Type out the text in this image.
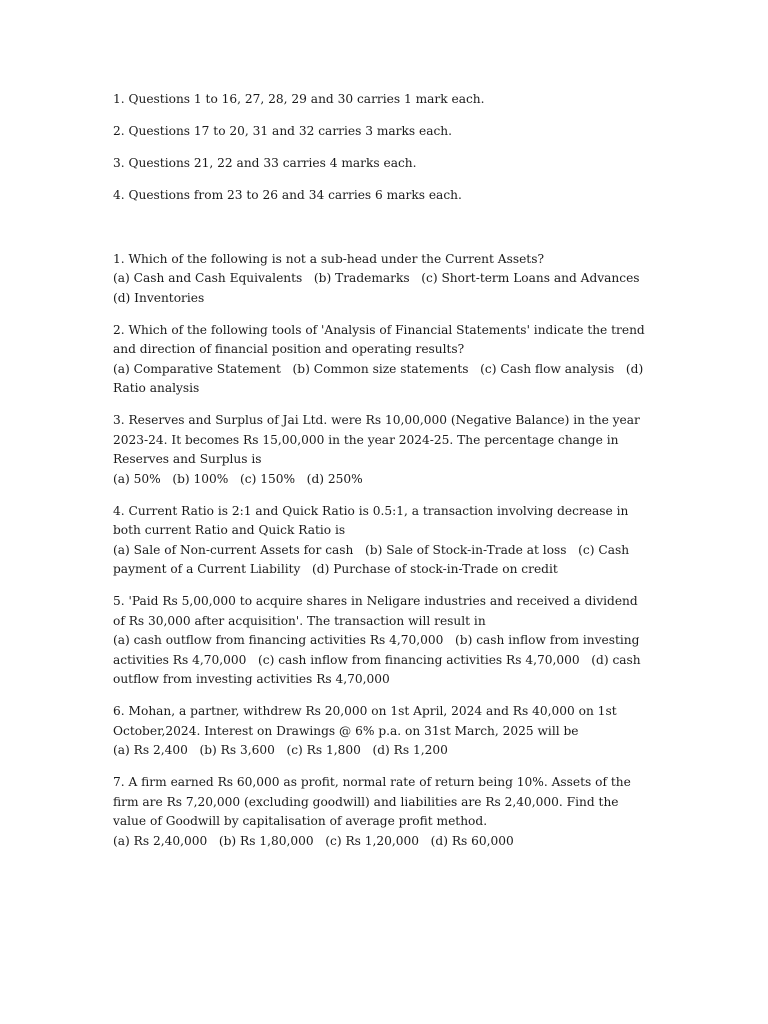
1. Questions 1 to 16, 27, 28, 29 and 30 carries 1 mark each.

2. Questions 17 to 20, 31 and 32 carries 3 marks each.

3. Questions 21, 22 and 33 carries 4 marks each.

4. Questions from 23 to 26 and 34 carries 6 marks each.

1. Which of the following is not a sub-head under the Current Assets?
(a) Cash and Cash Equivalents   (b) Trademarks   (c) Short-term Loans and Advances   (d) Inventories
2. Which of the following tools of 'Analysis of Financial Statements' indicate the trend and direction of financial position and operating results?
(a) Comparative Statement   (b) Common size statements   (c) Cash flow analysis   (d) Ratio analysis
3. Reserves and Surplus of Jai Ltd. were Rs 10,00,000 (Negative Balance) in the year 2023-24. It becomes Rs 15,00,000 in the year 2024-25. The percentage change in Reserves and Surplus is
(a) 50%   (b) 100%   (c) 150%   (d) 250%
4. Current Ratio is 2:1 and Quick Ratio is 0.5:1, a transaction involving decrease in both current Ratio and Quick Ratio is
(a) Sale of Non-current Assets for cash   (b) Sale of Stock-in-Trade at loss   (c) Cash payment of a Current Liability   (d) Purchase of stock-in-Trade on credit
5. 'Paid Rs 5,00,000 to acquire shares in Neligare industries and received a dividend of Rs 30,000 after acquisition'. The transaction will result in
(a) cash outflow from financing activities Rs 4,70,000   (b) cash inflow from investing activities Rs 4,70,000   (c) cash inflow from financing activities Rs 4,70,000   (d) cash outflow from investing activities Rs 4,70,000
6. Mohan, a partner, withdrew Rs 20,000 on 1st April, 2024 and Rs 40,000 on 1st October,2024. Interest on Drawings @ 6% p.a. on 31st March, 2025 will be
(a) Rs 2,400   (b) Rs 3,600   (c) Rs 1,800   (d) Rs 1,200
7. A firm earned Rs 60,000 as profit, normal rate of return being 10%. Assets of the firm are Rs 7,20,000 (excluding goodwill) and liabilities are Rs 2,40,000. Find the value of Goodwill by capitalisation of average profit method.
(a) Rs 2,40,000   (b) Rs 1,80,000   (c) Rs 1,20,000   (d) Rs 60,000
